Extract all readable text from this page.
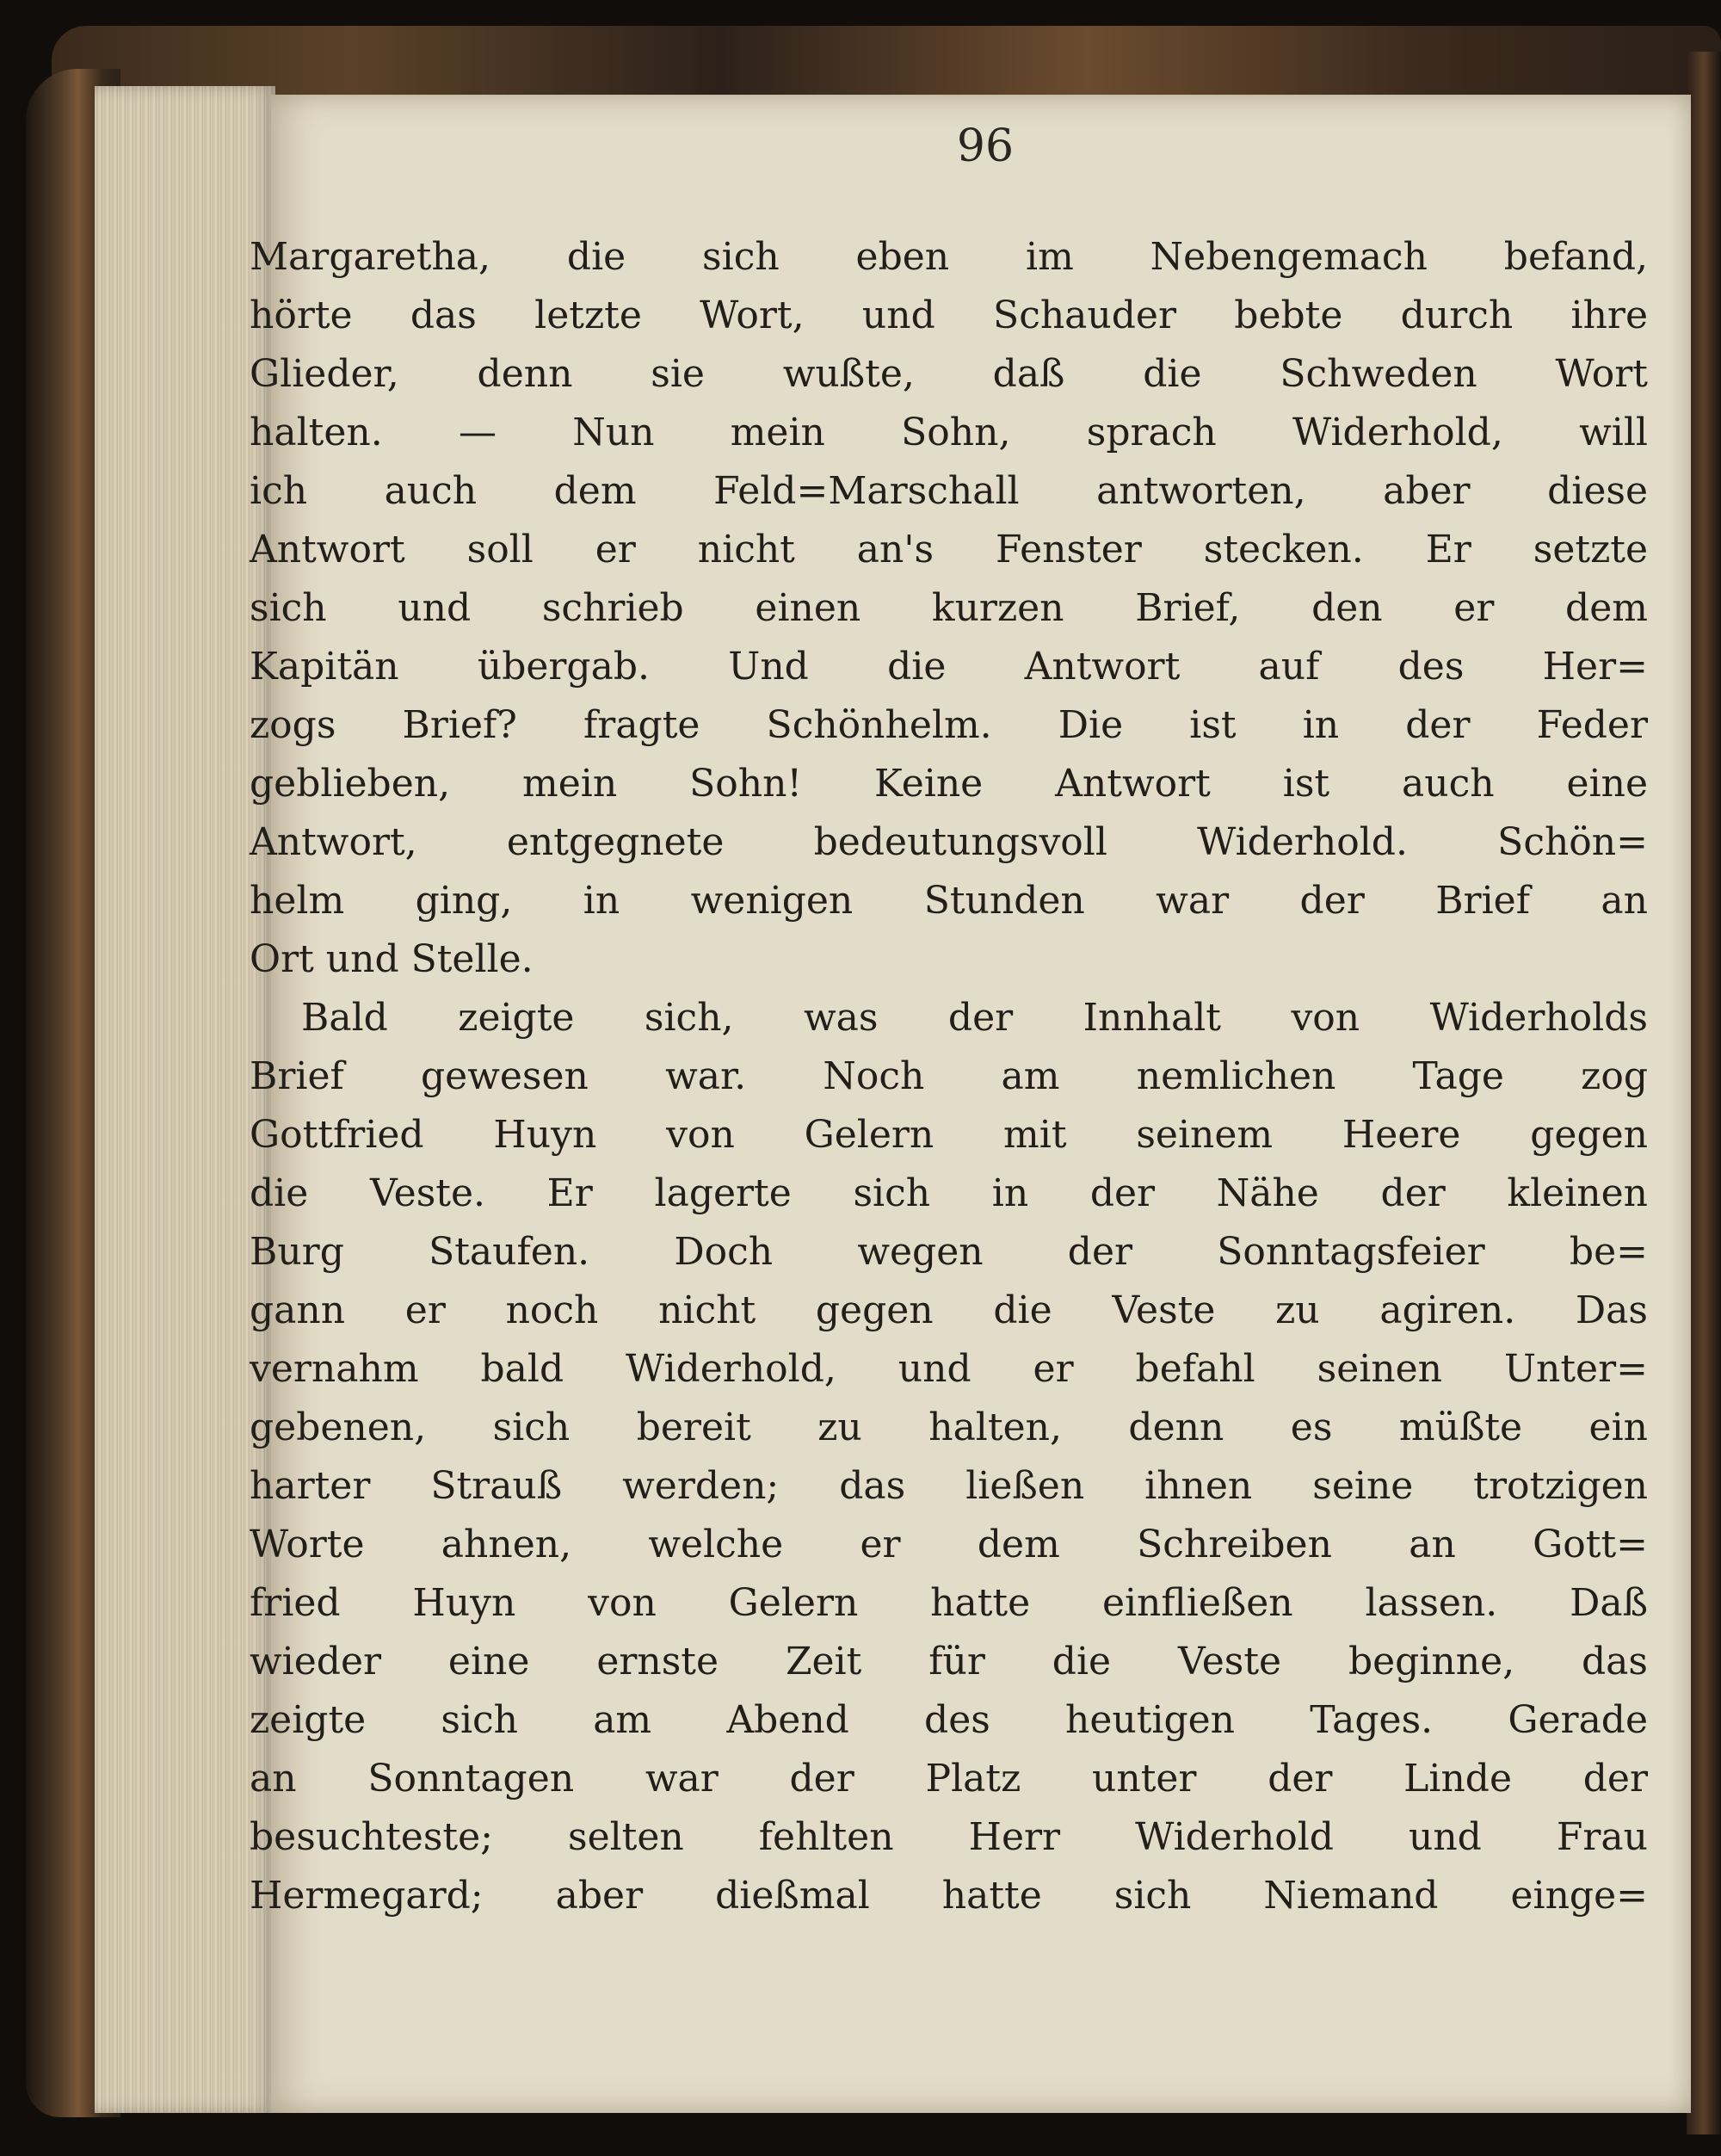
96
Margaretha, die sich eben im Nebengemach befand,
hörte das letzte Wort, und Schauder bebte durch ihre
Glieder, denn sie wußte, daß die Schweden Wort
halten. — Nun mein Sohn, sprach Widerhold, will
ich auch dem Feld=Marschall antworten, aber diese
Antwort soll er nicht an's Fenster stecken. Er setzte
sich und schrieb einen kurzen Brief, den er dem
Kapitän übergab. Und die Antwort auf des Her=
zogs Brief? fragte Schönhelm. Die ist in der Feder
geblieben, mein Sohn! Keine Antwort ist auch eine
Antwort, entgegnete bedeutungsvoll Widerhold. Schön=
helm ging, in wenigen Stunden war der Brief an
Ort und Stelle.
Bald zeigte sich, was der Innhalt von Widerholds
Brief gewesen war. Noch am nemlichen Tage zog
Gottfried Huyn von Gelern mit seinem Heere gegen
die Veste. Er lagerte sich in der Nähe der kleinen
Burg Staufen. Doch wegen der Sonntagsfeier be=
gann er noch nicht gegen die Veste zu agiren. Das
vernahm bald Widerhold, und er befahl seinen Unter=
gebenen, sich bereit zu halten, denn es müßte ein
harter Strauß werden; das ließen ihnen seine trotzigen
Worte ahnen, welche er dem Schreiben an Gott=
fried Huyn von Gelern hatte einfließen lassen. Daß
wieder eine ernste Zeit für die Veste beginne, das
zeigte sich am Abend des heutigen Tages. Gerade
an Sonntagen war der Platz unter der Linde der
besuchteste; selten fehlten Herr Widerhold und Frau
Hermegard; aber dießmal hatte sich Niemand einge=
